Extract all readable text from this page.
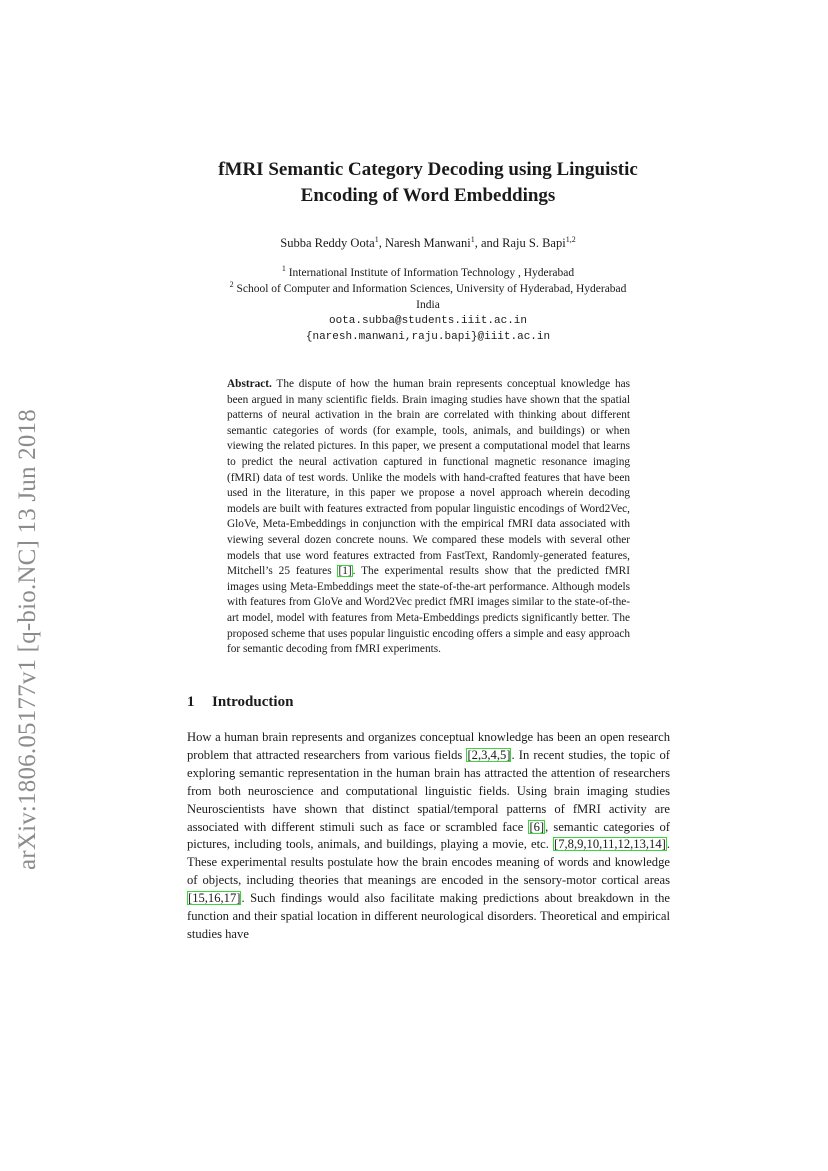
arXiv:1806.05177v1 [q-bio.NC] 13 Jun 2018
fMRI Semantic Category Decoding using Linguistic
Encoding of Word Embeddings
Subba Reddy Oota$^1$, Naresh Manwani$^1$, and Raju S. Bapi$^{1,2}$
$^1$ International Institute of Information Technology , Hyderabad
$^2$ School of Computer and Information Sciences, University of Hyderabad, Hyderabad
India
oota.subba@students.iiit.ac.in
{naresh.manwani,raju.bapi}@iiit.ac.in
Abstract. The dispute of how the human brain represents conceptual knowledge has been argued in many scientific fields. Brain imaging studies have shown that the spatial patterns of neural activation in the brain are correlated with thinking about different semantic categories of words (for example, tools, animals, and buildings) or when viewing the related pictures. In this paper, we present a computational model that learns to predict the neural activation captured in functional magnetic resonance imaging (fMRI) data of test words. Unlike the models with hand-crafted features that have been used in the literature, in this paper we propose a novel approach wherein decoding models are built with features extracted from popular linguistic encodings of Word2Vec, GloVe, Meta-Embeddings in conjunction with the empirical fMRI data associated with viewing several dozen concrete nouns. We compared these models with several other models that use word features extracted from FastText, Randomly-generated features, Mitchell’s 25 features [1]. The experimental results show that the predicted fMRI images using Meta-Embeddings meet the state-of-the-art performance. Although models with features from GloVe and Word2Vec predict fMRI images similar to the state-of-the-art model, model with features from Meta-Embeddings predicts significantly better. The proposed scheme that uses popular linguistic encoding offers a simple and easy approach for semantic decoding from fMRI experiments.
1 Introduction
How a human brain represents and organizes conceptual knowledge has been an open research problem that attracted researchers from various fields [2,3,4,5]. In recent studies, the topic of exploring semantic representation in the human brain has attracted the attention of researchers from both neuroscience and computational linguistic fields. Using brain imaging studies Neuroscientists have shown that distinct spatial/temporal patterns of fMRI activity are associated with different stimuli such as face or scrambled face [6], semantic categories of pictures, including tools, animals, and buildings, playing a movie, etc. [7,8,9,10,11,12,13,14]. These experimental results postulate how the brain encodes meaning of words and knowledge of objects, including theories that meanings are encoded in the sensory-motor cortical areas [15,16,17]. Such findings would also facilitate making predictions about breakdown in the function and their spatial location in different neurological disorders. Theoretical and empirical studies have
